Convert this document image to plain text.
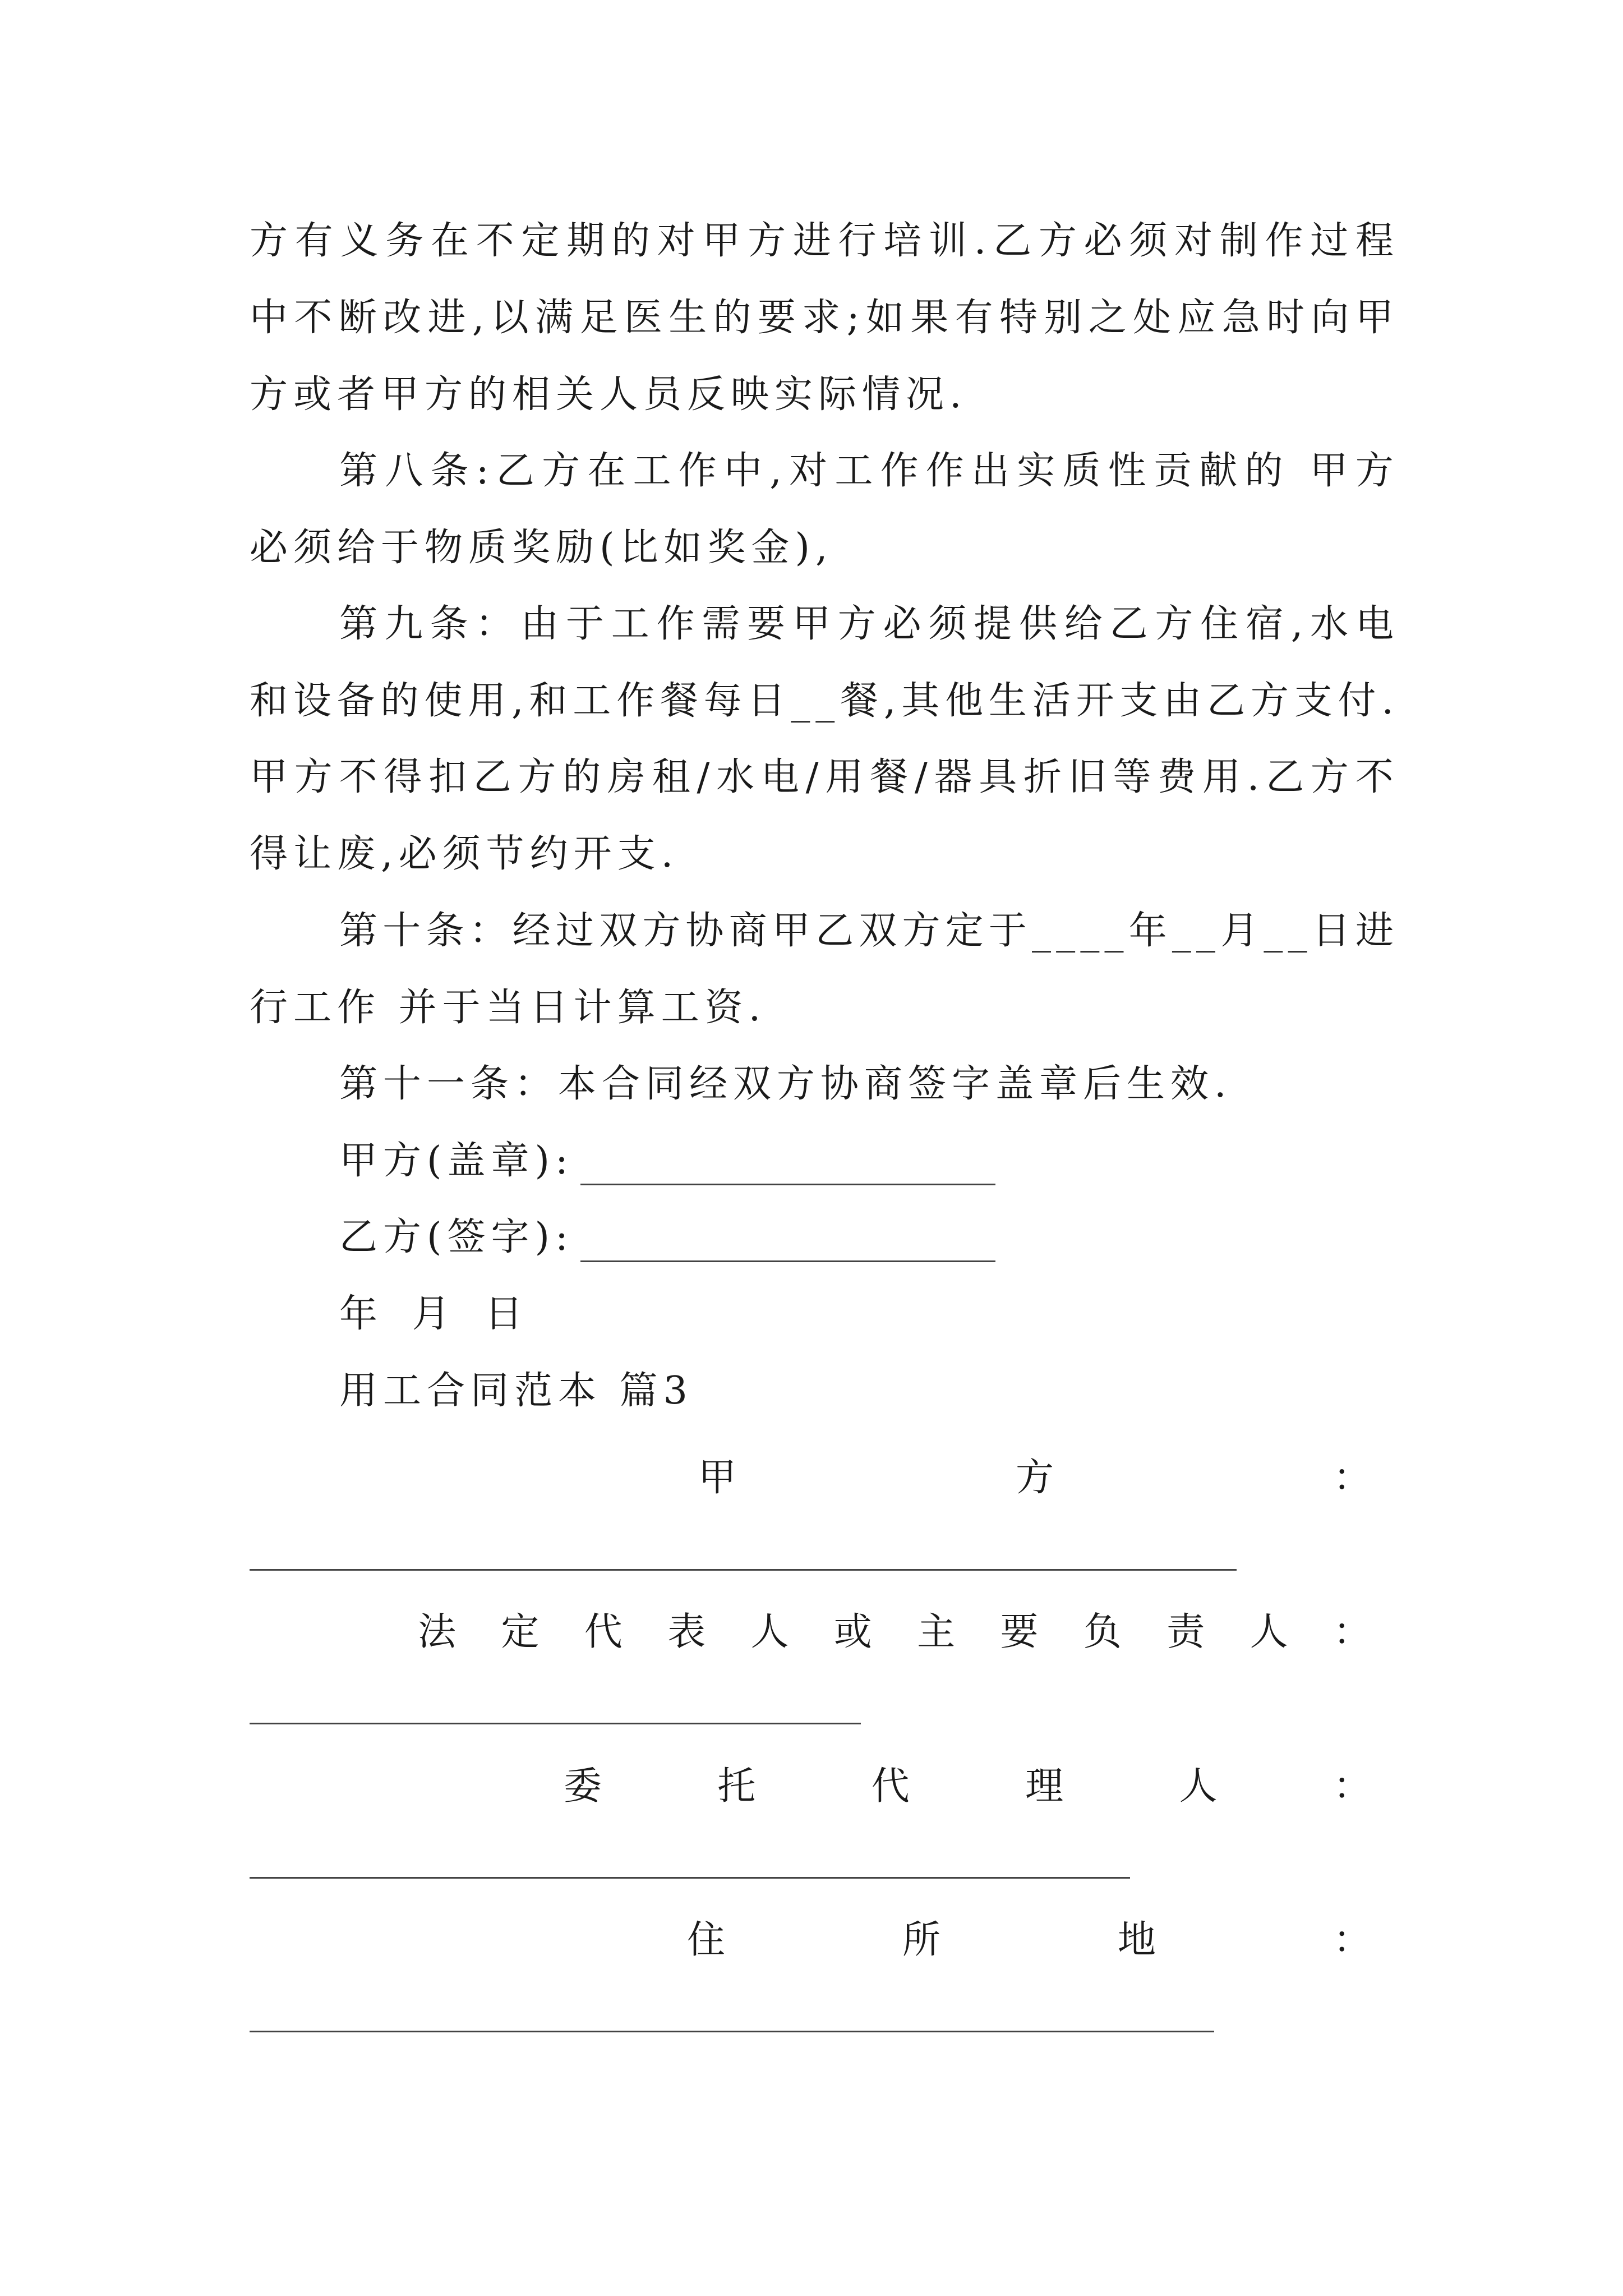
方 有 义 务 在 不 定 期 的 对 甲 方 进 行 培 训 . 乙 方 必 须 对 制 作 过 程
中 不 断 改 进 , 以 满 足 医 生 的 要 求 ; 如 果 有 特 别 之 处 应 急 时 向 甲
方或者甲方的相关人员反映实际情况.
第 八 条 : 乙 方 在 工 作 中 , 对 工 作 作 出 实 质 性 贡 献 的
甲 方
必须给于物质奖励(比如奖金),
第 九 条 ： 由 于 工 作 需 要 甲 方 必 须 提 供 给 乙 方 住 宿 , 水 电
和 设 备 的 使 用 , 和 工 作 餐 每 日 _ _ 餐 , 其 他 生 活 开 支 由 乙 方 支 付 .
甲 方 不 得 扣 乙 方 的 房 租 / 水 电 / 用 餐 / 器 具 折 旧 等 费 用 . 乙 方 不
得让废,必须节约开支.
第 十 条 ： 经 过 双 方 协 商 甲 乙 双 方 定 于 _ _ _ _ 年 _ _ 月 _ _ 日 进
行工作 并于当日计算工资.
第十一条：本合同经双方协商签字盖章后生效.
甲方(盖章):
乙方(签字):
年 月 日
用工合同范本 篇3
甲	方	：
法 定 代 表 人 或 主 要 负 责 人 ：
委	托	代	理	人	：
住	所	地	：
